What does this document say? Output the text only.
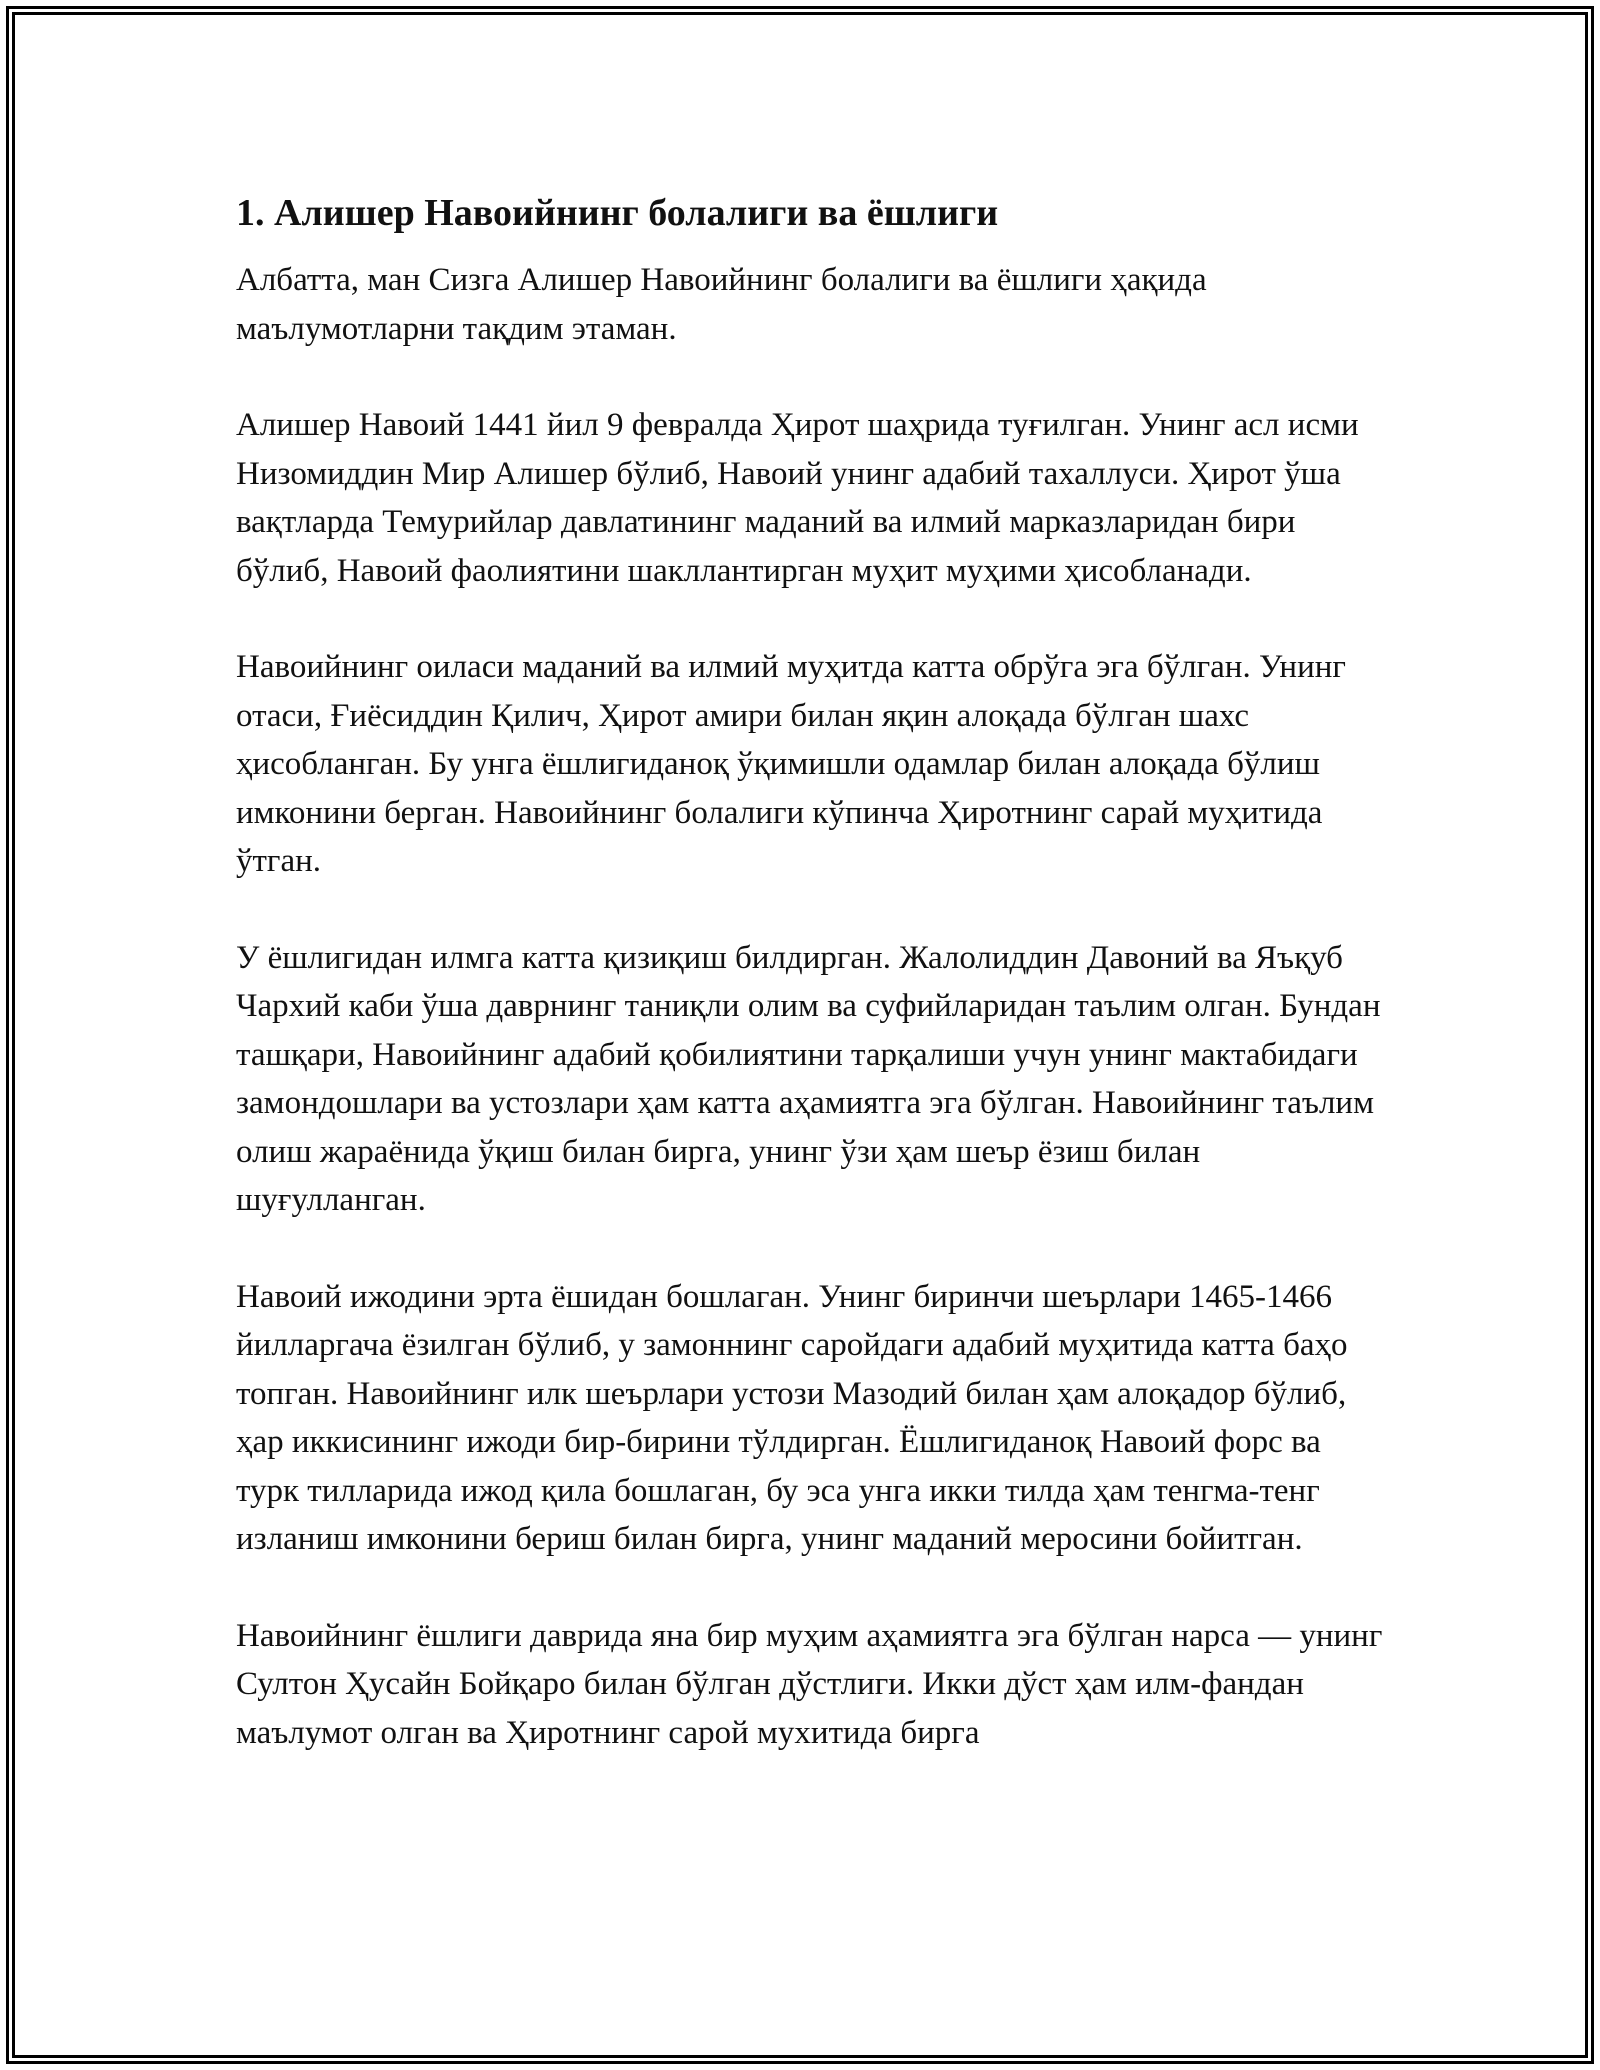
1. Алишер Навоийнинг болалиги ва ёшлиги

Албатта, ман Сизга Алишер Навоийнинг болалиги ва ёшлиги ҳақида маълумотларни тақдим этаман.

Алишер Навоий 1441 йил 9 февралда Ҳирот шаҳрида туғилган. Унинг асл исми Низомиддин Мир Алишер бўлиб, Навоий унинг адабий тахаллуси. Ҳирот ўша вақтларда Темурийлар давлатининг маданий ва илмий марказларидан бири бўлиб, Навоий фаолиятини шакллантирган муҳит муҳими ҳисобланади.

Навоийнинг оиласи маданий ва илмий муҳитда катта обрўга эга бўлган. Унинг отаси, Ғиёсиддин Қилич, Ҳирот амири билан яқин алоқада бўлган шахс ҳисобланган. Бу унга ёшлигиданоқ ўқимишли одамлар билан алоқада бўлиш имконини берган. Навоийнинг болалиги кўпинча Ҳиротнинг сарай муҳитида ўтган.

У ёшлигидан илмга катта қизиқиш билдирган. Жалолиддин Давоний ва Яъқуб Чархий каби ўша даврнинг таниқли олим ва суфийларидан таълим олган. Бундан ташқари, Навоийнинг адабий қобилиятини тарқалиши учун унинг мактабидаги замондошлари ва устозлари ҳам катта аҳамиятга эга бўлган. Навоийнинг таълим олиш жараёнида ўқиш билан бирга, унинг ўзи ҳам шеър ёзиш билан шуғулланган.

Навоий ижодини эрта ёшидан бошлаган. Унинг биринчи шеърлари 1465-1466 йилларгача ёзилган бўлиб, у замоннинг саройдаги адабий муҳитида катта баҳо топган. Навоийнинг илк шеърлари устози Мазодий билан ҳам алоқадор бўлиб, ҳар иккисининг ижоди бир-бирини тўлдирган. Ёшлигиданоқ Навоий форс ва турк тилларида ижод қила бошлаган, бу эса унга икки тилда ҳам тенгма-тенг изланиш имконини бериш билан бирга, унинг маданий меросини бойитган.

Навоийнинг ёшлиги даврида яна бир муҳим аҳамиятга эга бўлган нарса — унинг Султон Ҳусайн Бойқаро билан бўлган дўстлиги. Икки дўст ҳам илм-фандан маълумот олган ва Ҳиротнинг сарой мухитида бирга
